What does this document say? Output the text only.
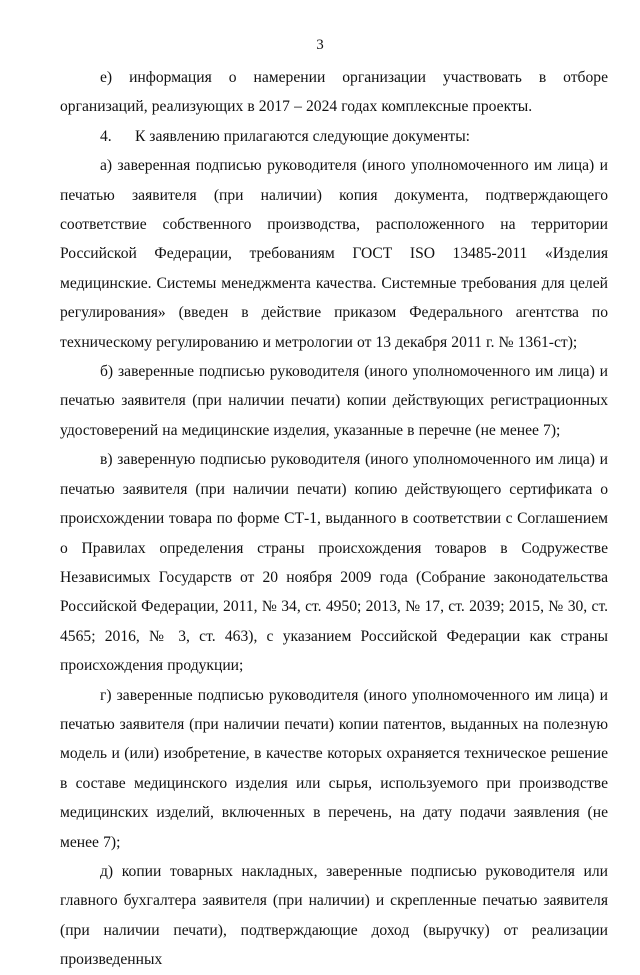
3

е) информация о намерении организации участвовать в отборе организаций, реализующих в 2017 – 2024 годах комплексные проекты.

4. К заявлению прилагаются следующие документы:

а) заверенная подписью руководителя (иного уполномоченного им лица) и печатью заявителя (при наличии) копия документа, подтверждающего соответствие собственного производства, расположенного на территории Российской Федерации, требованиям ГОСТ ISO 13485-2011 «Изделия медицинские. Системы менеджмента качества. Системные требования для целей регулирования» (введен в действие приказом Федерального агентства по техническому регулированию и метрологии от 13 декабря 2011 г. № 1361-ст);

б) заверенные подписью руководителя (иного уполномоченного им лица) и печатью заявителя (при наличии печати) копии действующих регистрационных удостоверений на медицинские изделия, указанные в перечне (не менее 7);

в) заверенную подписью руководителя (иного уполномоченного им лица) и печатью заявителя (при наличии печати) копию действующего сертификата о происхождении товара по форме СТ-1, выданного в соответствии с Соглашением о Правилах определения страны происхождения товаров в Содружестве Независимых Государств от 20 ноября 2009 года (Собрание законодательства Российской Федерации, 2011, № 34, ст. 4950; 2013, № 17, ст. 2039; 2015, № 30, ст. 4565; 2016, № 3, ст. 463), с указанием Российской Федерации как страны происхождения продукции;

г) заверенные подписью руководителя (иного уполномоченного им лица) и печатью заявителя (при наличии печати) копии патентов, выданных на полезную модель и (или) изобретение, в качестве которых охраняется техническое решение в составе медицинского изделия или сырья, используемого при производстве медицинских изделий, включенных в перечень, на дату подачи заявления (не менее 7);

д) копии товарных накладных, заверенные подписью руководителя или главного бухгалтера заявителя (при наличии) и скрепленные печатью заявителя (при наличии печати), подтверждающие доход (выручку) от реализации произведенных
